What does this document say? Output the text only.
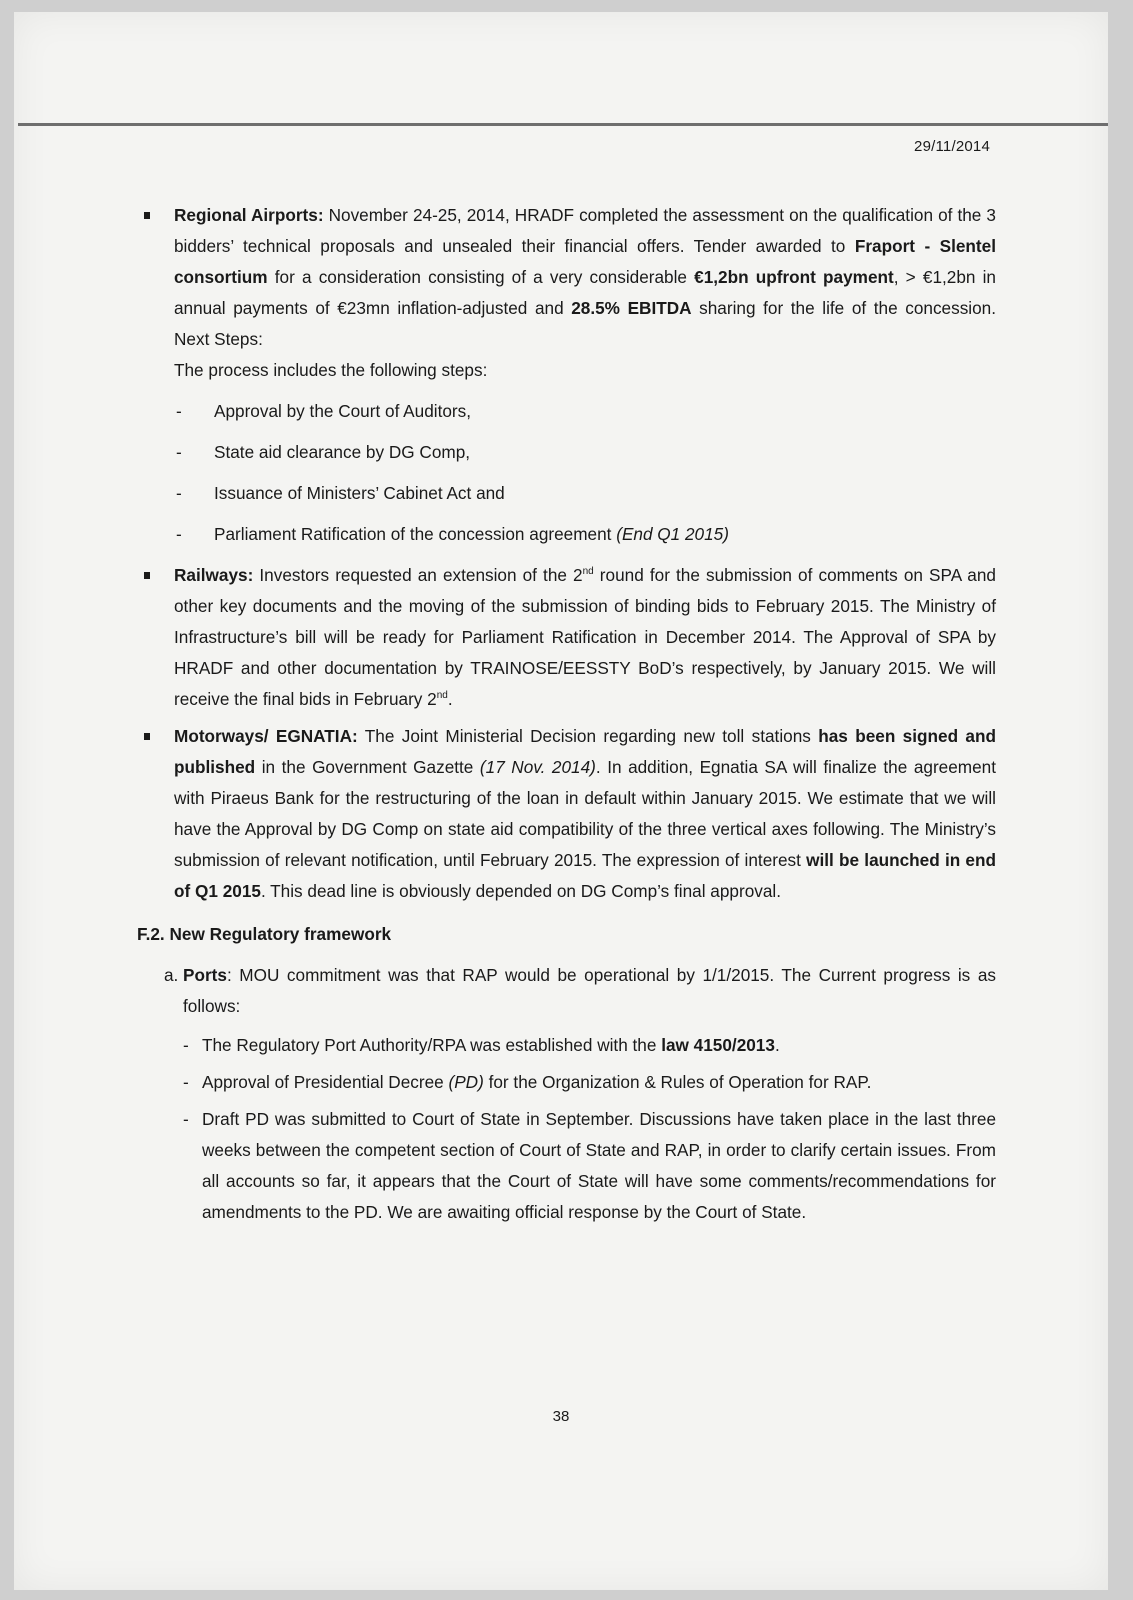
29/11/2014
Regional Airports: November 24-25, 2014, HRADF completed the assessment on the qualification of the 3 bidders’ technical proposals and unsealed their financial offers. Tender awarded to Fraport - Slentel consortium for a consideration consisting of a very considerable €1,2bn upfront payment, > €1,2bn in annual payments of €23mn inflation-adjusted and 28.5% EBITDA sharing for the life of the concession. Next Steps:
The process includes the following steps:
- Approval by the Court of Auditors,
- State aid clearance by DG Comp,
- Issuance of Ministers’ Cabinet Act and
- Parliament Ratification of the concession agreement (End Q1 2015)
Railways: Investors requested an extension of the 2nd round for the submission of comments on SPA and other key documents and the moving of the submission of binding bids to February 2015. The Ministry of Infrastructure’s bill will be ready for Parliament Ratification in December 2014. The Approval of SPA by HRADF and other documentation by TRAINOSE/EESSTY BoD’s respectively, by January 2015. We will receive the final bids in February 2nd.
Motorways/ EGNATIA: The Joint Ministerial Decision regarding new toll stations has been signed and published in the Government Gazette (17 Nov. 2014). In addition, Egnatia SA will finalize the agreement with Piraeus Bank for the restructuring of the loan in default within January 2015. We estimate that we will have the Approval by DG Comp on state aid compatibility of the three vertical axes following. The Ministry’s submission of relevant notification, until February 2015. The expression of interest will be launched in end of Q1 2015. This dead line is obviously depended on DG Comp’s final approval.
F.2. New Regulatory framework
a. Ports: MOU commitment was that RAP would be operational by 1/1/2015. The Current progress is as follows:
- The Regulatory Port Authority/RPA was established with the law 4150/2013.
- Approval of Presidential Decree (PD) for the Organization & Rules of Operation for RAP.
- Draft PD was submitted to Court of State in September. Discussions have taken place in the last three weeks between the competent section of Court of State and RAP, in order to clarify certain issues. From all accounts so far, it appears that the Court of State will have some comments/recommendations for amendments to the PD. We are awaiting official response by the Court of State.
38
